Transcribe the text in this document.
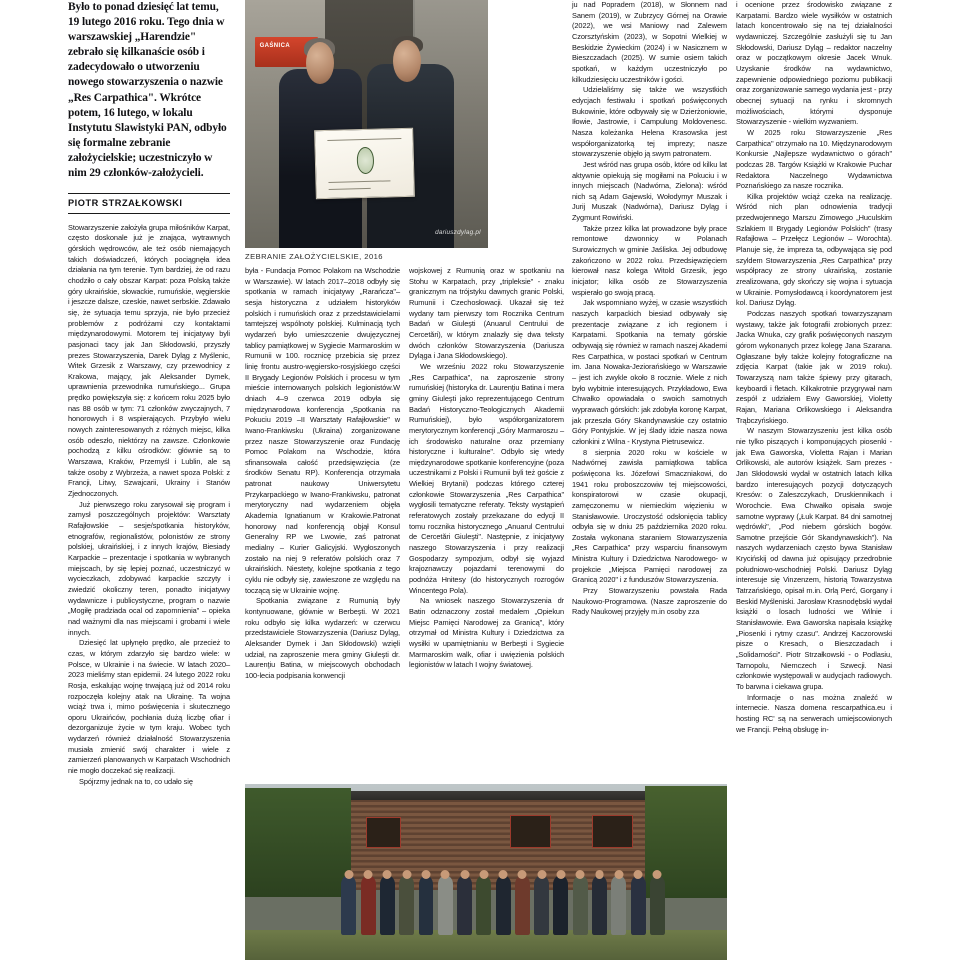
Było to ponad dziesięć lat temu, 19 lutego 2016 roku. Tego dnia w warszawskiej „Harendzie" zebrało się kilkanaście osób i zadecydowało o utworzeniu nowego stowarzyszenia o nazwie „Res Carpathica". Wkrótce potem, 16 lutego, w lokalu Instytutu Slawistyki PAN, odbyło się formalne zebranie założycielskie; uczestniczyło w nim 29 członków-założycieli.

PIOTR STRZAŁKOWSKI

Stowarzyszenie założyła grupa miłośników Karpat, często doskonale już je znająca, wytrawnych górskich wędrowców, ale też osób niemających takich doświadczeń, których pociągnęła idea działania na tym terenie. Tym bardziej, że od razu chodziło o cały obszar Karpat: poza Polską także góry ukraińskie, słowackie, rumuńskie, węgierskie i jeszcze dalsze, czeskie, nawet serbskie. Zdawało się, że sytuacja temu sprzyja, nie było przecież problemów z podróżami czy kontaktami międzynarodowymi. Motorem tej inicjatywy byli pasjonaci tacy jak Jan Skłodowski, przyszły prezes Stowarzyszenia, Darek Dyląg z Myślenic, Witek Grzesik z Warszawy, czy przewodnicy z Krakowa, mający, jak Aleksander Dymek, uprawnienia przewodnika rumuńskiego... Grupa prędko powiększyła się: z końcem roku 2025 było nas 88 osób w tym: 71 członków zwyczajnych, 7 honorowych i 8 wspierających. Przybyło wielu nowych zainteresowanych z różnych miejsc, kilka osób odeszło, niektórzy na zawsze. Członkowie pochodzą z kilku ośrodków: głównie są to Warszawa, Kraków, Przemyśl i Lublin, ale są także osoby z Wybrzeża, a nawet spoza Polski: z Francji, Litwy, Szwajcarii, Ukrainy i Stanów Zjednoczonych.

Już pierwszego roku zarysował się program i zamysł poszczególnych projektów: Warsztaty Rafajłowskie – sesje/spotkania historyków, etnografów, regionalistów, polonistów ze strony polskiej, ukraińskiej, i z innych krajów, Biesiady Karpackie – prezentacje i spotkania w wybranych miejscach, by się lepiej poznać, uczestniczyć w wycieczkach, zdobywać karpackie szczyty i zwiedzić okoliczny teren, ponadto inicjatywy wydawnicze i publicystyczne, program o nazwie „Mogiłę pradziada ocal od zapomnienia" – opieka nad ważnymi dla nas miejscami i grobami i wiele innych.

Dziesięć lat upłynęło prędko, ale przecież to czas, w którym zdarzyło się bardzo wiele: w Polsce, w Ukrainie i na świecie. W latach 2020–2023 mieliśmy stan epidemii. 24 lutego 2022 roku Rosja, eskalując wojnę trwającą już od 2014 roku rozpoczęła kolejny atak na Ukrainę. Ta wojna wciąż trwa i, mimo poświęcenia i skutecznego oporu Ukraińców, pochłania dużą liczbę ofiar i dezorganizuje życie w tym kraju. Wobec tych wydarzeń również działalność Stowarzyszenia musiała zmienić swój charakter i wiele z zamierzeń planowanych w Karpatach Wschodnich nie mogło doczekać się realizacji.

Spójrzmy jednak na to, co udało się

GAŚNICA
dariuszdylag.pl
ZEBRANIE ZAŁOŻYCIELSKIE, 2016

była - Fundacja Pomoc Polakom na Wschodzie w Warszawie). W latach 2017–2018 odbyły się spotkania w ramach inicjatywy „Rarańcza"– sesja historyczna z udziałem historyków polskich i rumuńskich oraz z przedstawicielami tamtejszej wspólnoty polskiej. Kulminacją tych wydarzeń było umieszczenie dwujęzycznej tablicy pamiątkowej w Sygiecie Marmaroskim w Rumunii w 100. rocznicę przebicia się przez linię frontu austro-węgiersko-rosyjskiego części II Brygady Legionów Polskich i procesu w tym mieście internowanych polskich legionistów.W dniach 4–9 czerwca 2019 odbyła się międzynarodowa konferencja „Spotkania na Pokuciu 2019 –II Warsztaty Rafajłowskie" w Iwano-Frankiwsku (Ukraina) zorganizowane przez nasze Stowarzyszenie oraz Fundację Pomoc Polakom na Wschodzie, która sfinansowała całość przedsięwzięcia (ze środków Senatu RP). Konferencja otrzymała patronat naukowy Uniwersytetu Przykarpackiego w Iwano-Frankiwsku, patronat merytoryczny nad wydarzeniem objęła Akademia Ignatianum w Krakowie.Patronat honorowy nad konferencją objął Konsul Generalny RP we Lwowie, zaś patronat medialny – Kurier Galicyjski. Wygłoszonych zostało na niej 9 referatów polskich oraz 7 ukraińskich. Niestety, kolejne spotkania z tego cyklu nie odbyły się, zawieszone ze względu na toczącą się w Ukrainie wojnę.

Spotkania związane z Rumunią były kontynuowane, głównie w Berbeşti. W 2021 roku odbyło się kilka wydarzeń: w czerwcu przedstawiciele Stowarzyszenia (Dariusz Dyląg, Aleksander Dymek i Jan Skłodowski) wzięli udział, na zaproszenie mera gminy Giuleşti dr. Laurenţiu Batina, w miejscowych obchodach 100-lecia podpisania konwencji

wojskowej z Rumunią oraz w spotkaniu na Stohu w Karpatach, przy „tripleksie" - znaku granicznym na trójstyku dawnych granic Polski, Rumunii i Czechosłowacji. Ukazał się też wydany tam pierwszy tom Rocznika Centrum Badań w Giuleşti (Anuarul Centrului de Cercetări), w którym znalazły się dwa teksty dwóch członków Stowarzyszenia (Dariusza Dyląga i Jana Skłodowskiego).

We wrześniu 2022 roku Stowarzyszenie „Res Carpathica", na zaproszenie strony rumuńskiej (historyka dr. Laurenţiu Batina i mera gminy Giuleşti jako reprezentującego Centrum Badań Historyczno-Teologicznych Akademii Rumuńskiej), było współorganizatorem merytorycznym konferencji „Góry Marmaroszu – ich środowisko naturalne oraz przemiany historyczne i kulturalne". Odbyło się wtedy międzynarodowe spotkanie konferencyjne (poza uczestnikami z Polski i Rumunii byli też goście z Wielkiej Brytanii) podczas którego czterej członkowie Stowarzyszenia „Res Carpathica" wygłosili tematyczne referaty. Teksty wystąpień referatowych zostały przekazane do edycji II tomu rocznika historycznego „Anuarul Centrului de Cercetări Giuleşti". Następnie, z inicjatywy naszego Stowarzyszenia i przy realizacji Gospodarzy sympozjum, odbył się wyjazd krajoznawczy pojazdami terenowymi do podnóża Hnitesy (do historycznych rozrogów Wincentego Pola).

Na wniosek naszego Stowarzyszenia dr Batin odznaczony został medalem „Opiekun Miejsc Pamięci Narodowej za Granicą", który otrzymał od Ministra Kultury i Dziedzictwa za wysiłki w upamiętnianiu w Berbeşti i Sygiecie Marmaroskim walk, ofiar i uwięzienia polskich legionistów w latach I wojny światowej.

ju nad Popradem (2018), w Słonnem nad Sanem (2019), w Zubrzycy Górnej na Orawie (2022), we wsi Maniowy nad Zalewem Czorsztyńskim (2023), w Sopotni Wielkiej w Beskidzie Żywieckim (2024) i w Nasicznem w Bieszczadach (2025). W sumie osiem takich spotkań, w każdym uczestniczyło po kilkudziesięciu uczestników i gości.

Udzielaliśmy się także we wszystkich edycjach festiwalu i spotkań poświęconych Bukowinie, które odbywały się w Dzierżoniowie, Iłowie, Jastrowie, i Campulung Moldovenesc. Nasza koleżanka Helena Krasowska jest współorganizatorką tej imprezy; nasze stowarzyszenie objęło ją swym patronatem.

Jest wśród nas grupa osób, które od kilku lat aktywnie opiekują się mogiłami na Pokuciu i w innych miejscach (Nadwórna, Zielona): wśród nich są Adam Gajewski, Wołodymyr Muszak i Jurij Muszak (Nadwórna), Dariusz Dyląg i Zygmunt Rowiński.

Także przez kilka lat prowadzone były prace remontowe dzwonnicy w Polanach Surowicznych w gminie Jaśliska. Jej odbudowę zakończono w 2022 roku. Przedsięwzięciem kierował nasz kolega Witold Grzesik, jego inicjator; kilka osób ze Stowarzyszenia wspierało go swoją pracą.

Jak wspomniano wyżej, w czasie wszystkich naszych karpackich biesiad odbywały się prezentacje związane z ich regionem i Karpatami. Spotkania na tematy górskie odbywają się również w ramach naszej Akademi Res Carpathica, w postaci spotkań w Centrum im. Jana Nowaka-Jeziorańskiego w Warszawie – jest ich zwykle około 8 rocznie. Wiele z nich było wybitnie interesujących. Przykładowo, Ewa Chwałko opowiadała o swoich samotnych wyprawach górskich: jak zdobyła koronę Karpat, jak przeszła Góry Skandynawskie czy ostatnio Góry Pontyjskie. W jej ślady idzie nasza nowa członkini z Wilna - Krystyna Pietrusewicz.

8 sierpnia 2020 roku w kościele w Nadwórnej zawisła pamiątkowa tablica poświęcona ks. Józefowi Smaczniakowi, do 1941 roku proboszczowiw tej miejscowości, konspiratorowi w czasie okupacji, zamęczonemu w niemieckim więzieniu w Stanisławowie. Uroczystość odsłonięcia tablicy odbyła się w dniu 25 października 2020 roku. Została wykonana staraniem Stowarzyszenia „Res Carpathica" przy wsparciu finansowym Ministra Kultury i Dziedzictwa Narodowego- w projekcie „Miejsca Pamięci narodowej za Granicą 2020" i z funduszów Stowarzyszenia.

Przy Stowarzyszeniu powstała Rada Naukowo-Programowa. (Nasze zaproszenie do Rady Naukowej przyjęły m.in osoby zza

i ocenione przez środowisko związane z Karpatami. Bardzo wiele wysiłków w ostatnich latach koncentrowało się na tej działalności wydawniczej. Szczególnie zasłużyli się tu Jan Skłodowski, Dariusz Dyląg – redaktor naczelny oraz w początkowym okresie Jacek Wnuk. Uzyskanie środków na wydawnictwo, zapewnienie odpowiedniego poziomu publikacji oraz zorganizowanie samego wydania jest - przy obecnej sytuacji na rynku i skromnych możliwościach, którymi dysponuje Stowarzyszenie - wielkim wyzwaniem.

W 2025 roku Stowarzyszenie „Res Carpathica" otrzymało na 10. Międzynarodowym Konkursie „Najlepsze wydawnictwo o górach" podczas 28. Targów Książki w Krakowie Puchar Redaktora Naczelnego Wydawnictwa Poznańskiego za nasze rocznika.

Kilka projektów wciąż czeka na realizację. Wśród nich plan odnowienia tradycji przedwojennego Marszu Zimowego „Huculskim Szlakiem II Brygady Legionów Polskich" (trasy Rafajłowa – Przełęcz Legionów – Worochta). Planuje się, że impreza ta, odbywająca się pod szyldem Stowarzyszenia „Res Carpathica" przy współpracy ze strony ukraińską, zostanie zrealizowana, gdy skończy się wojna i sytuacja w Ukrainie. Pomysłodawcą i koordynatorem jest kol. Dariusz Dyląg.

Podczas naszych spotkań towarzysząnam wystawy, także jak fotografii zrobionych przez: Jacka Wnuka, czy grafik poświęconych naszym górom wykonanych przez kolegę Jana Szarana. Ogłaszane były także kolejny fotograficzne na zdjęcia Karpat (takie jak w 2019 roku). Towarzyszą nam także śpiewy przy gitarach, keyboardi i fletach. Kilkakrotnie przygrywał nam zespół z udziałem Ewy Gaworskiej, Violetty Rajan, Mariana Orlikowskiego i Aleksandra Trąbczyńskiego.

W naszym Stowarzyszeniu jest kilka osób nie tylko piszących i komponujących piosenki - jak Ewa Gaworska, Violetta Rajan i Marian Orlikowski, ale autorów książek. Sam prezes - Jan Skłodowski wydał w ostatnich latach kilka bardzo interesujących pozycji dotyczących Kresów: o Zaleszczykach, Druskiennikach i Worochcie. Ewa Chwałko opisała swoje samotne wyprawy („Łuk Karpat. 84 dni samotnej wędrówki", „Pod niebem górskich bogów. Samotne przejście Gór Skandynawskich"). Na naszych wydarzeniach często bywa Stanisław Krycińskij od dawna już opisujący przedrobnie południowo-wschodniej Polski. Dariusz Dyląg interesuje się Vinzenzem, historią Towarzystwa Tatrzańskiego, opisał m.in. Orlą Perć, Gorgany i Beskid Myśleniski. Jarosław Krasnodębski wydał książki o losach ludności we Wilnie i Stanisławowie. Ewa Gaworska napisała książkę „Piosenki i rytmy czasu". Andrzej Kaczorowski pisze o Kresach, o Bieszczadach i „Solidarności". Piotr Strzałkowski - o Podlasiu, Tarnopolu, Niemczech i Szwecji. Nasi członkowie występowali w audycjach radiowych. To barwna i ciekawa grupa.

Informacje o nas można znaleźć w internecie. Nasza domena rescarpathica.eu i hosting RC' są na serwerach umiejscowionych we Francji. Pełną obsługę in-
